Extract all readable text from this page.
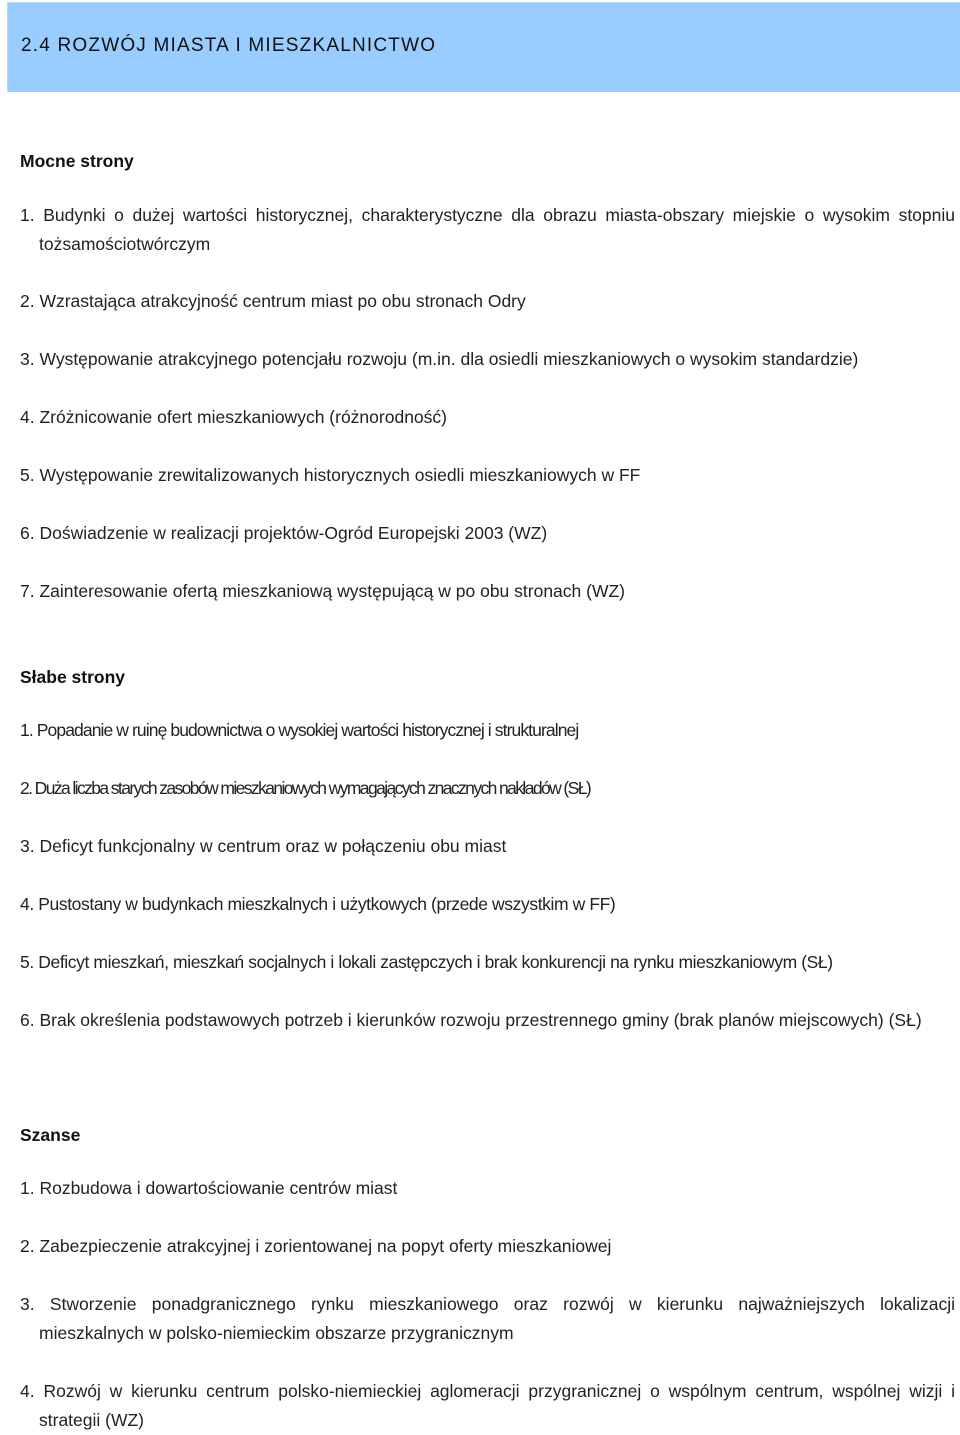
2.4 ROZWÓJ MIASTA I MIESZKALNICTWO
Mocne strony
1. Budynki o dużej wartości historycznej, charakterystyczne dla obrazu miasta-obszary miejskie o wysokim stopniu tożsamościotwórczym
2. Wzrastająca atrakcyjność centrum miast po obu stronach Odry
3. Występowanie atrakcyjnego potencjału rozwoju (m.in. dla osiedli mieszkaniowych o wysokim standardzie)
4. Zróżnicowanie ofert mieszkaniowych (różnorodność)
5. Występowanie zrewitalizowanych historycznych osiedli mieszkaniowych w FF
6. Doświadzenie w realizacji projektów-Ogród Europejski 2003 (WZ)
7. Zainteresowanie ofertą mieszkaniową występującą w po obu stronach (WZ)
Słabe strony
1. Popadanie w ruinę budownictwa o wysokiej wartości historycznej i strukturalnej
2. Duża liczba starych zasobów mieszkaniowych wymagających znacznych nakładów (SŁ)
3. Deficyt funkcjonalny w centrum oraz w połączeniu obu miast
4. Pustostany w budynkach mieszkalnych i użytkowych (przede wszystkim w FF)
5. Deficyt mieszkań, mieszkań socjalnych i lokali zastępczych i brak konkurencji na rynku mieszkaniowym (SŁ)
6. Brak określenia podstawowych potrzeb i kierunków rozwoju przestrennego gminy (brak planów miejscowych) (SŁ)
Szanse
1. Rozbudowa i dowartościowanie centrów miast
2. Zabezpieczenie atrakcyjnej i zorientowanej na popyt oferty mieszkaniowej
3. Stworzenie ponadgranicznego rynku mieszkaniowego oraz rozwój w kierunku najważniejszych lokalizacji mieszkalnych w polsko-niemieckim obszarze przygranicznym
4. Rozwój w kierunku centrum polsko-niemieckiej aglomeracji przygranicznej o wspólnym centrum, wspólnej wizji i strategii (WZ)
